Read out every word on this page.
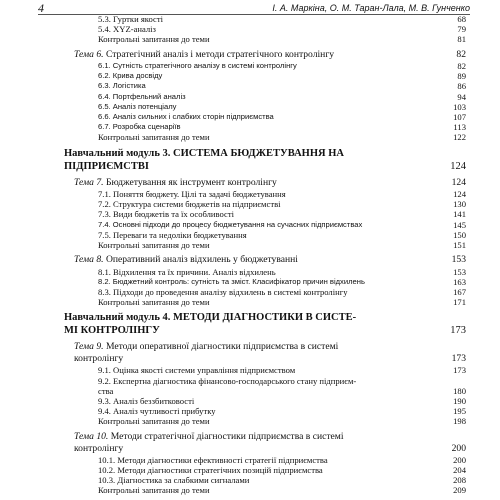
4	І. А. Маркіна, О. М. Таран-Лала, М. В. Гунченко
5.3. Гуртки якості	68
5.4. XYZ-аналіз	79
Контрольні запитання до теми	81
Тема 6. Стратегічний аналіз і методи стратегічного контролінгу	82
6.1. Сутність стратегічного аналізу в системі контролінгу	82
6.2. Крива досвіду	89
6.3. Логістика	86
6.4. Портфельний аналіз	94
6.5. Аналіз потенціалу	103
6.6. Аналіз сильних і слабких сторін підприємства	107
6.7. Розробка сценаріїв	113
Контрольні запитання до теми	122
Навчальний модуль 3. СИСТЕМА БЮДЖЕТУВАННЯ НА
ПІДПРИЄМСТВІ	124
Тема 7. Бюджетування як інструмент контролінгу	124
7.1. Поняття бюджету. Цілі та задачі бюджетування	124
7.2. Структура системи бюджетів на підприємстві	130
7.3. Види бюджетів та їх особливості	141
7.4. Основні підходи до процесу бюджетування на сучасних підприємствах	145
7.5. Переваги та недоліки бюджетування	150
Контрольні запитання до теми	151
Тема 8. Оперативний аналіз відхилень у бюджетуванні	153
8.1. Відхилення та їх причини. Аналіз відхилень	153
8.2. Бюджетний контроль: сутність та зміст. Класифікатор причин відхилень	163
8.3. Підходи до проведення аналізу відхилень в системі контролінгу	167
Контрольні запитання до теми	171
Навчальний модуль 4. МЕТОДИ ДІАГНОСТИКИ В СИСТЕ-
МІ КОНТРОЛІНГУ	173
Тема 9. Методи оперативної діагностики підприємства в системі
контролінгу	173
9.1. Оцінка якості системи управління підприємством	173
9.2. Експертна діагностика фінансово-господарського стану підприєм-
ства	180
9.3. Аналіз беззбитковості	190
9.4. Аналіз чутливості прибутку	195
Контрольні запитання до теми	198
Тема 10. Методи стратегічної діагностики підприємства в системі
контролінгу	200
10.1. Методи діагностики ефективності стратегії підприємства	200
10.2. Методи діагностики стратегічних позицій підприємства	204
10.3. Діагностика за слабкими сигналами	208
Контрольні запитання до теми	209
